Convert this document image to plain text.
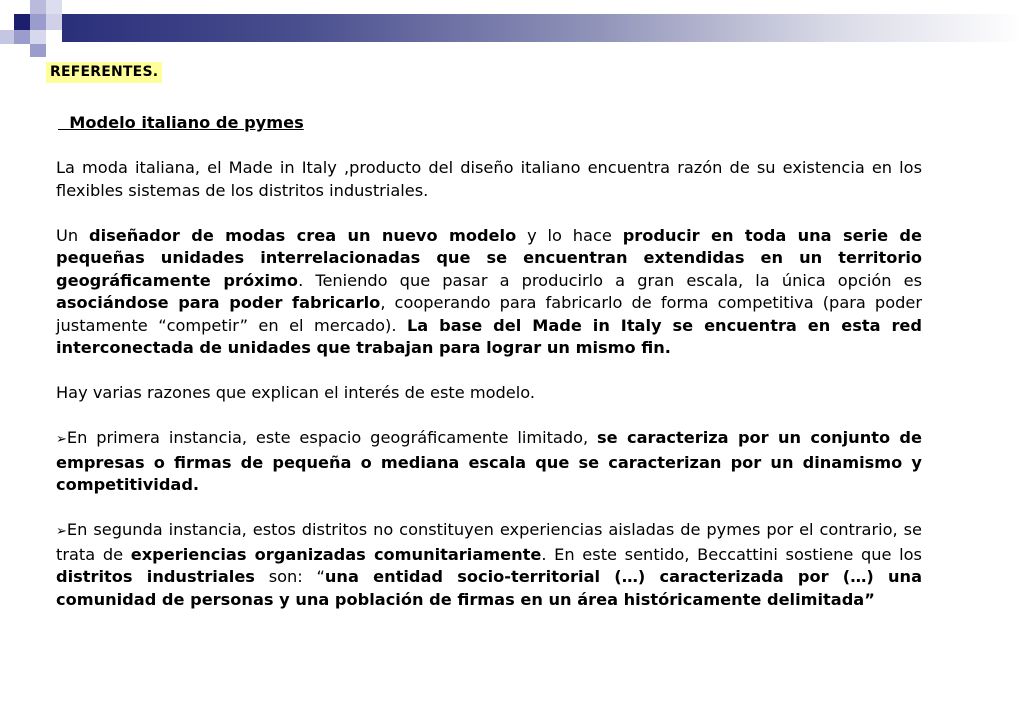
REFERENTES.
Modelo italiano de pymes

La moda italiana, el Made in Italy ,producto del diseño italiano encuentra razón de su existencia en los flexibles sistemas de los distritos industriales.

Un diseñador de modas crea un nuevo modelo y lo hace producir en toda una serie de pequeñas unidades interrelacionadas que se encuentran extendidas en un territorio geográficamente próximo. Teniendo que pasar a producirlo a gran escala, la única opción es asociándose para poder fabricarlo, cooperando para fabricarlo de forma competitiva (para poder justamente “competir” en el mercado). La base del Made in Italy se encuentra en esta red interconectada de unidades que trabajan para lograr un mismo fin.

Hay varias razones que explican el interés de este modelo.

➢En primera instancia, este espacio geográficamente limitado, se caracteriza por un conjunto de empresas o firmas de pequeña o mediana escala que se caracterizan por un dinamismo y competitividad.

➢En segunda instancia, estos distritos no constituyen experiencias aisladas de pymes por el contrario, se trata de experiencias organizadas comunitariamente. En este sentido, Beccattini sostiene que los distritos industriales son: “una entidad socio-territorial (…) caracterizada por (…) una comunidad de personas y una población de firmas en un área históricamente delimitada”
